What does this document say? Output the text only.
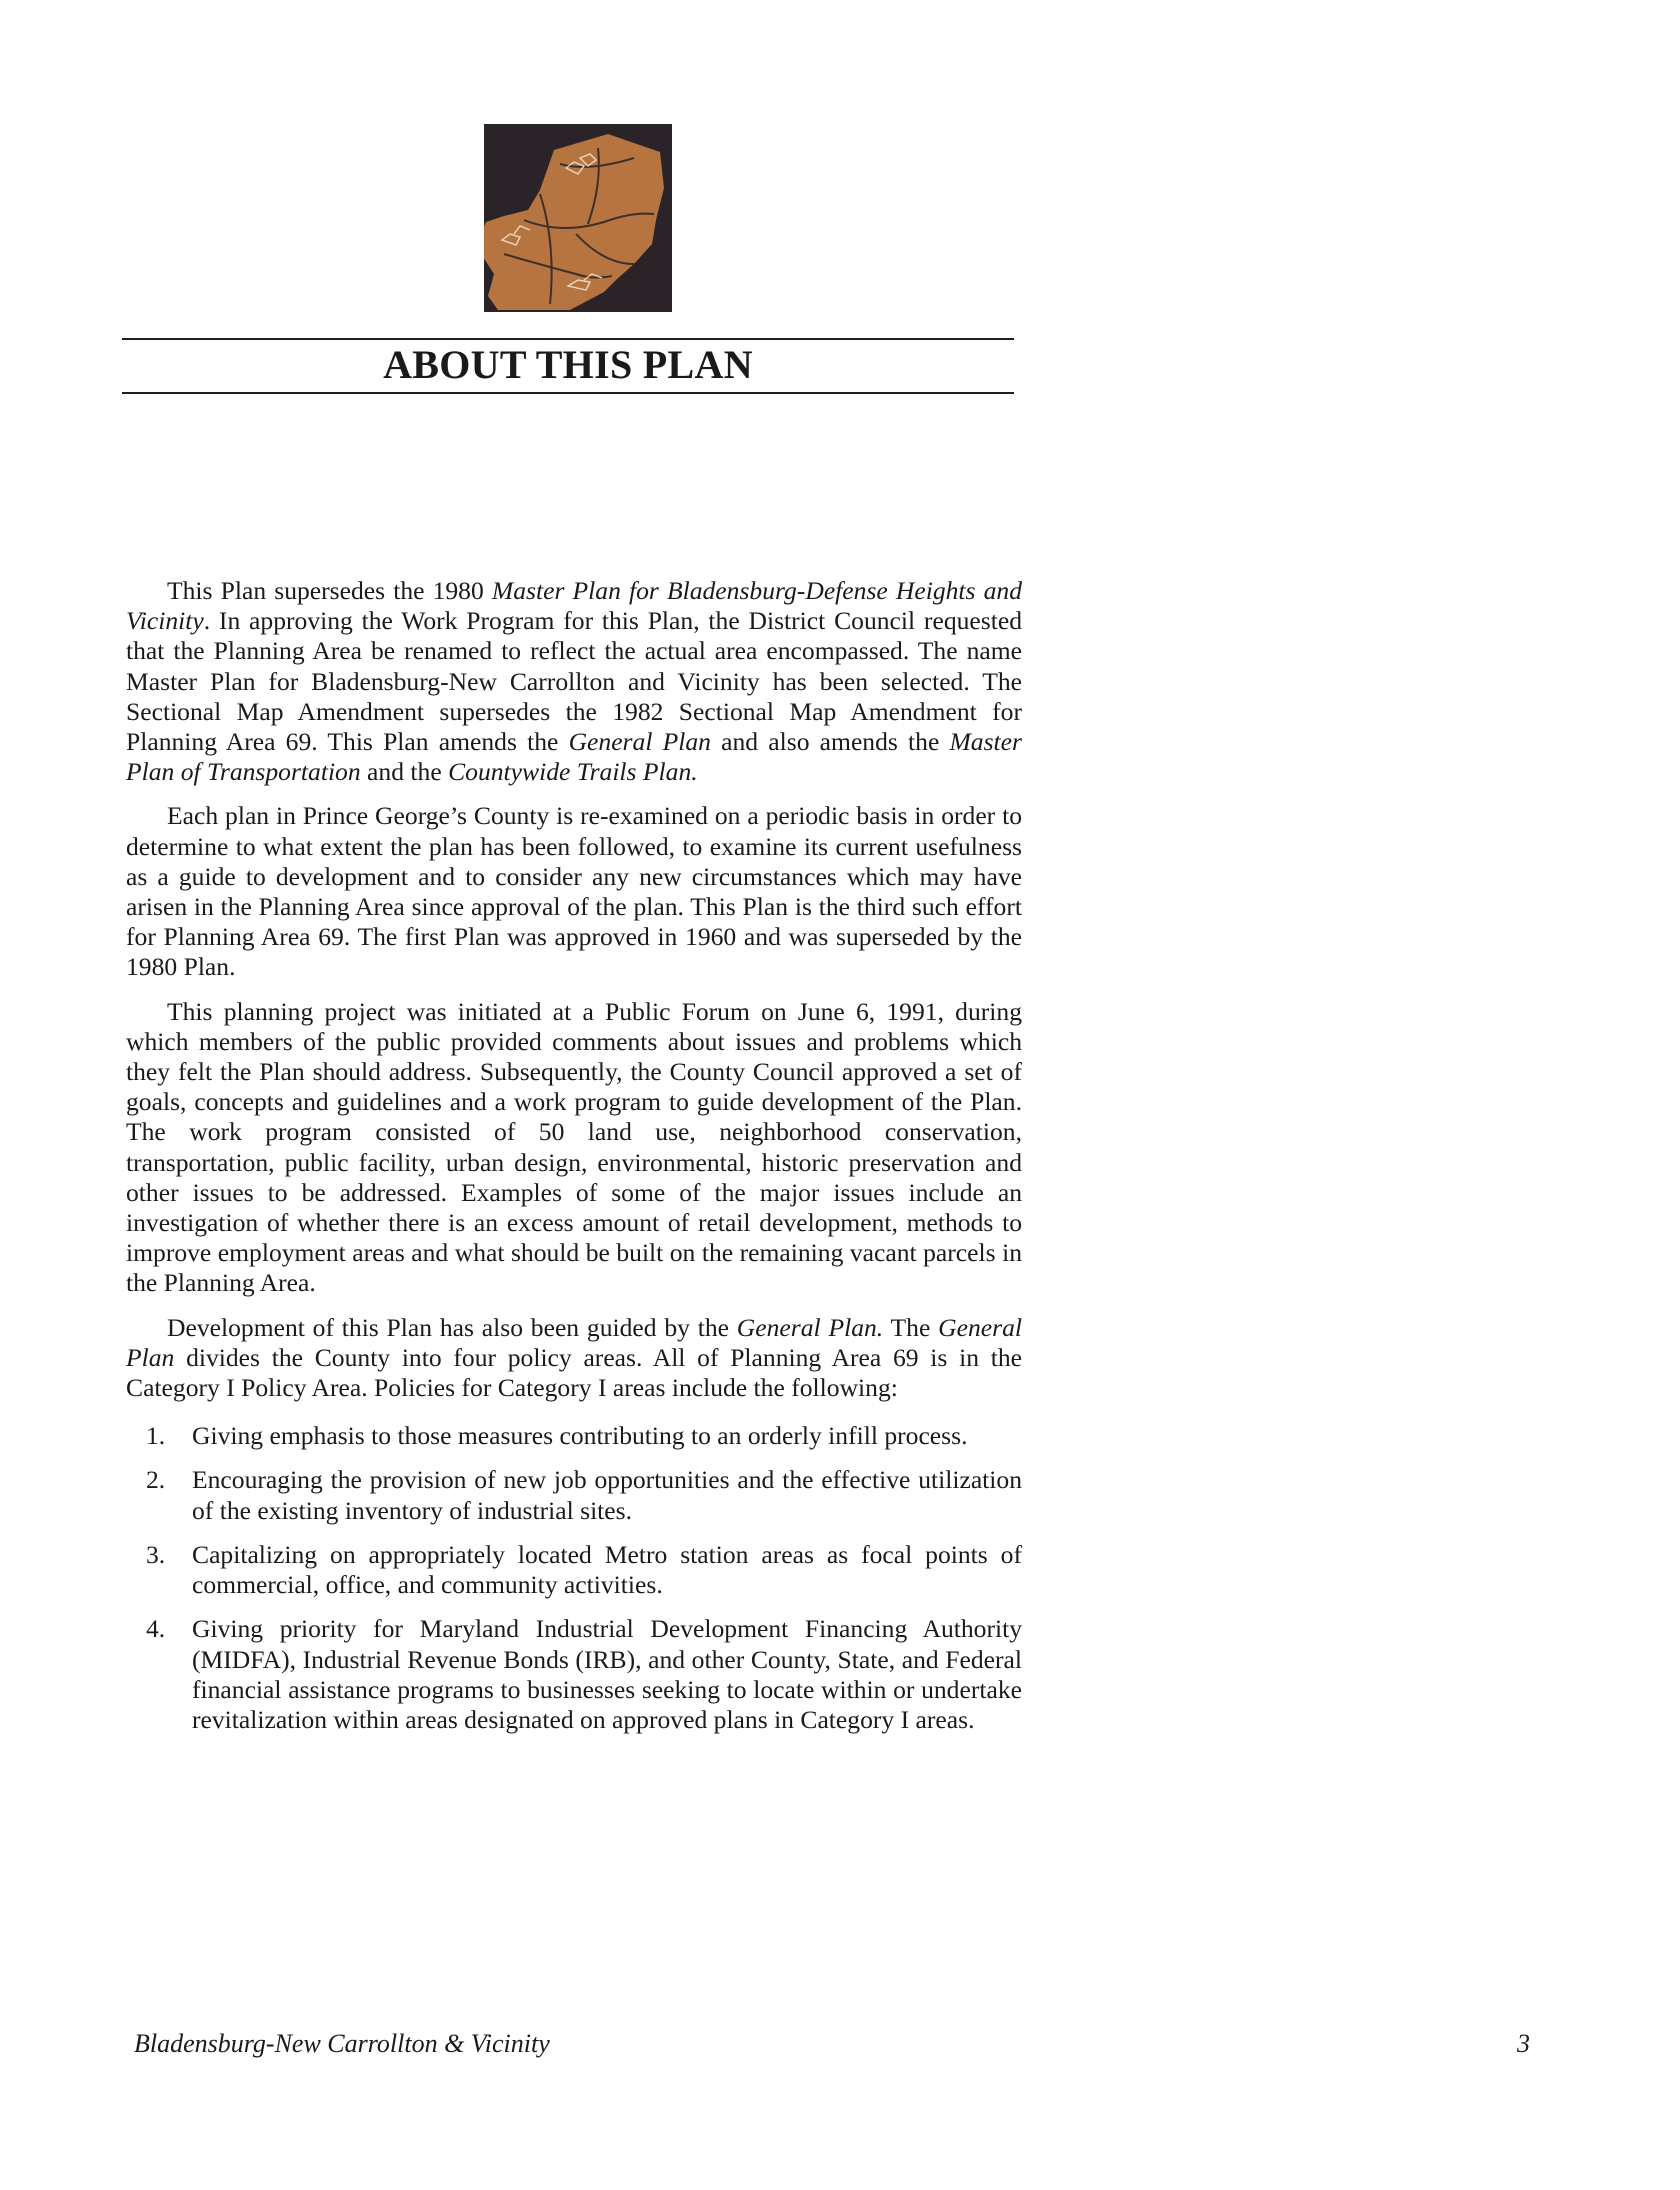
ABOUT THIS PLAN

This Plan supersedes the 1980 Master Plan for Bladensburg-Defense Heights and Vicinity. In approving the Work Program for this Plan, the District Council requested that the Planning Area be renamed to reflect the actual area encompassed. The name Master Plan for Bladensburg-New Carrollton and Vicinity has been selected. The Sectional Map Amendment supersedes the 1982 Sectional Map Amendment for Planning Area 69. This Plan amends the General Plan and also amends the Master Plan of Transportation and the Countywide Trails Plan.

Each plan in Prince George’s County is re-examined on a periodic basis in order to determine to what extent the plan has been followed, to examine its current usefulness as a guide to development and to consider any new circumstances which may have arisen in the Planning Area since approval of the plan. This Plan is the third such effort for Planning Area 69. The first Plan was approved in 1960 and was superseded by the 1980 Plan.

This planning project was initiated at a Public Forum on June 6, 1991, during which members of the public provided comments about issues and problems which they felt the Plan should address. Subsequently, the County Council approved a set of goals, concepts and guidelines and a work program to guide development of the Plan. The work program consisted of 50 land use, neighborhood conservation, transportation, public facility, urban design, environmental, historic preservation and other issues to be addressed. Examples of some of the major issues include an investigation of whether there is an excess amount of retail development, methods to improve employment areas and what should be built on the remaining vacant parcels in the Planning Area.

Development of this Plan has also been guided by the General Plan. The General Plan divides the County into four policy areas. All of Planning Area 69 is in the Category I Policy Area. Policies for Category I areas include the following:

1. Giving emphasis to those measures contributing to an orderly infill process.
2. Encouraging the provision of new job opportunities and the effective utilization of the existing inventory of industrial sites.
3. Capitalizing on appropriately located Metro station areas as focal points of commercial, office, and community activities.
4. Giving priority for Maryland Industrial Development Financing Authority (MIDFA), Industrial Revenue Bonds (IRB), and other County, State, and Federal financial assistance programs to businesses seeking to locate within or undertake revitalization within areas designated on approved plans in Category I areas.
Bladensburg-New Carrollton & Vicinity	3
